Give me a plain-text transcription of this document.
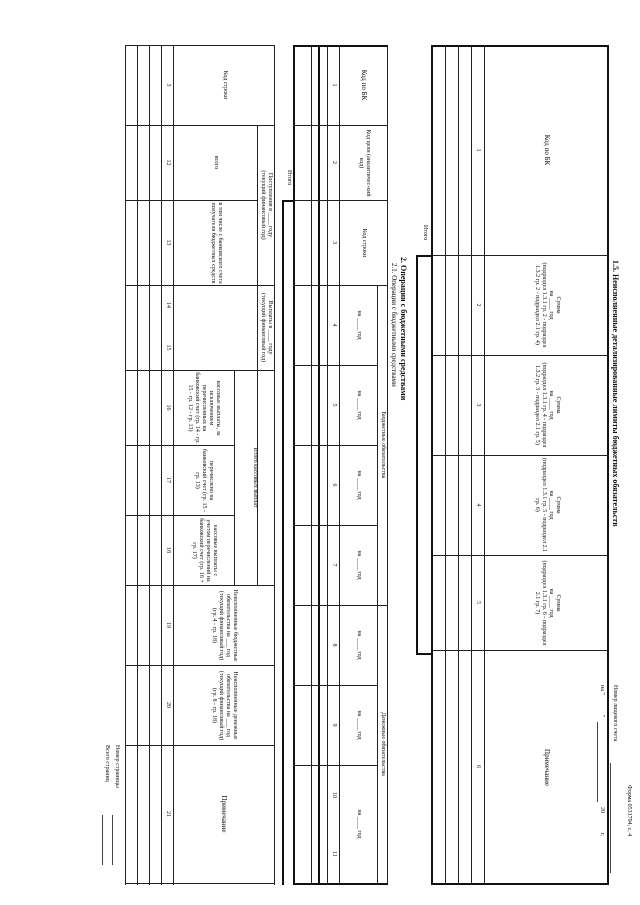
Форма 0531794, с. 4
Номер лицевого счета
на "
"
20
г.
1.5. Неисполненные детализированные лимиты бюджетных обязательств
Код по БК
Сумма
на ____ год
(подраздел 1.3.1 гр. 2 - подраздел 1.3.2 гр. 2 - подраздел 2.1 гр. 4)
Сумма
на ____ год
(подраздел 1.3.1 гр. 4 - подраздел 1.3.2 гр. 3 - подраздел 2.1 гр. 5)
Сумма
на ____ год
(подраздел 1.3.1 гр. 5 - подраздел 2.1 гр. 6)
Сумма
на ____ год
(подраздел 1.3.1 гр. 6 - подраздел 2.1 гр. 7)
Примечание
1
2
3
4
5
6
Итого
2. Операции с бюджетными средствами
2.1. Операции с бюджетными средствами
Код по БК
Код цели (аналитичес-кий код)
Код строки
Бюджетные обязательства
Денежные обязательства
на
____
год
на
____
год
на
____
год
на
____
год
на
____
год
на
____
год
на
____
год
1
2
3
4
5
6
7
8
9
10
11
Итого
Код строки
Поступления в ____ году
(текущий финансовый год)
всего
в том числе с банковского счета получателя бюджетных средств
Выплаты в ____ году
(текущий финансовый год)
Итого кассовых выплат
кассовые выплаты, за исключением перечисленных на банковский счет (гр. 14 - гр. 15 - гр. 12 - гр. 13)
перечислено на банковский счет (гр. 15 - гр. 13)
кассовые выплаты с учетом перечислений на банковский счет (гр. 16 + гр. 17)
Неисполненные бюджетные обязательства на ___ год (текущий финансовый год) (гр. 4 - гр. 18)
Неисполненные денежные обязательства на ___ год (текущий финансовый год) (гр. 8 - гр. 18)
Примечание
3
12
13
14
15
16
17
18
19
20
21
Номер страницы
Всего страниц
